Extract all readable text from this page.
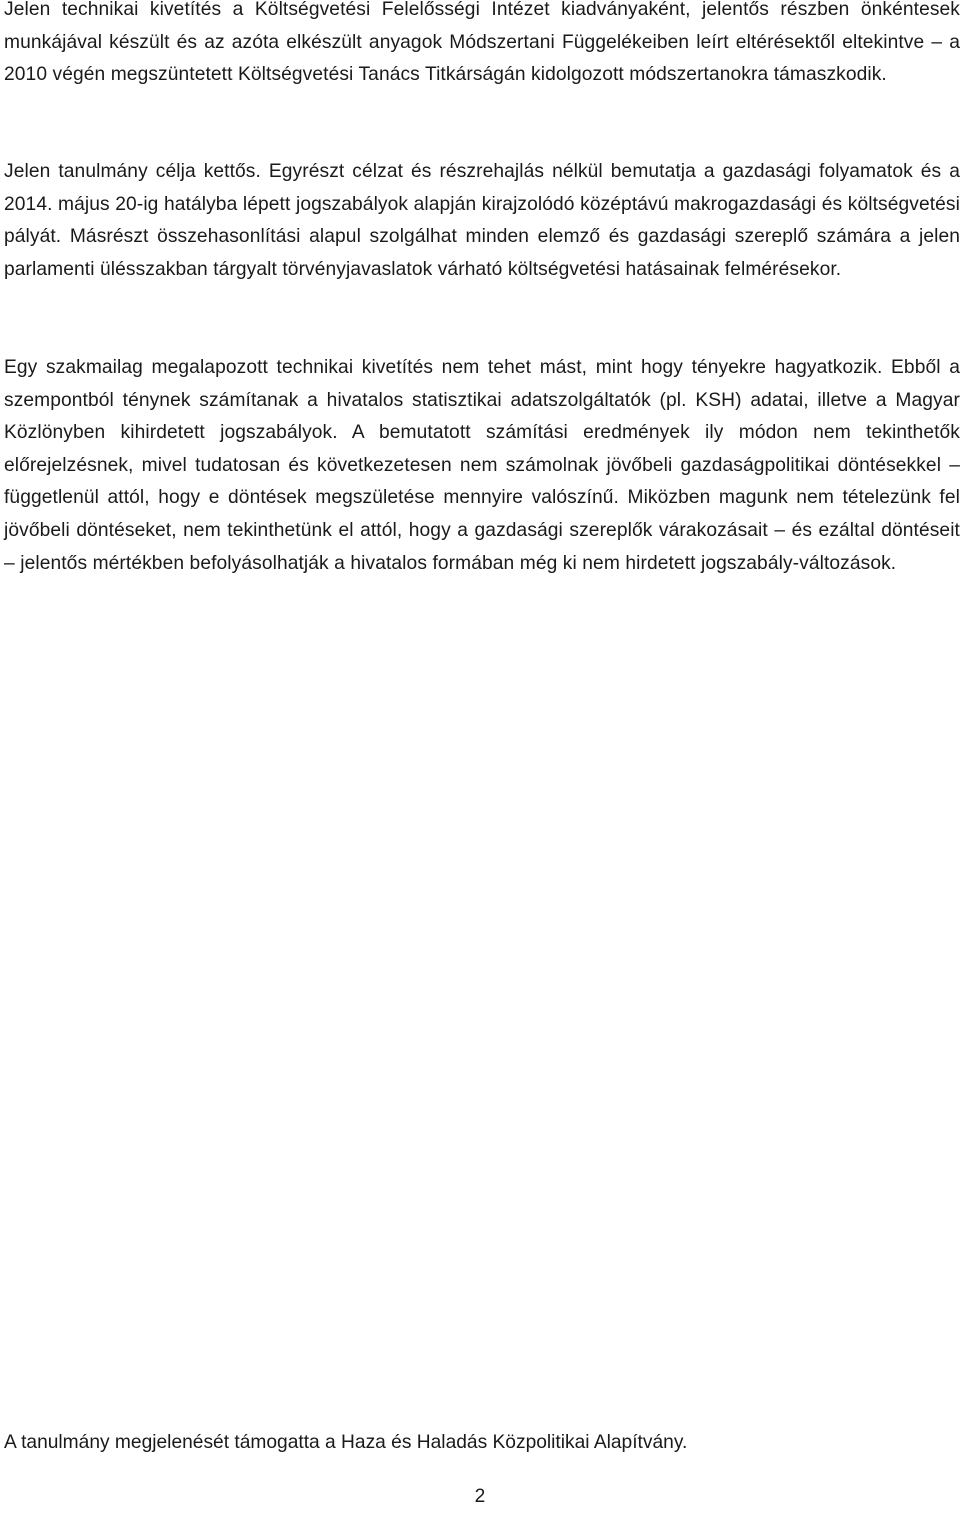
Jelen technikai kivetítés a Költségvetési Felelősségi Intézet kiadványaként, jelentős részben önkéntesek munkájával készült és az azóta elkészült anyagok Módszertani Függelékeiben leírt eltérésektől eltekintve – a 2010 végén megszüntetett Költségvetési Tanács Titkárságán kidolgozott módszertanokra támaszkodik.

Jelen tanulmány célja kettős. Egyrészt célzat és részrehajlás nélkül bemutatja a gazdasági folyamatok és a 2014. május 20-ig hatályba lépett jogszabályok alapján kirajzolódó középtávú makrogazdasági és költségvetési pályát. Másrészt összehasonlítási alapul szolgálhat minden elemző és gazdasági szereplő számára a jelen parlamenti ülésszakban tárgyalt törvényjavaslatok várható költségvetési hatásainak felmérésekor.

Egy szakmailag megalapozott technikai kivetítés nem tehet mást, mint hogy tényekre hagyatkozik. Ebből a szempontból ténynek számítanak a hivatalos statisztikai adatszolgáltatók (pl. KSH) adatai, illetve a Magyar Közlönyben kihirdetett jogszabályok. A bemutatott számítási eredmények ily módon nem tekinthetők előrejelzésnek, mivel tudatosan és következetesen nem számolnak jövőbeli gazdaságpolitikai döntésekkel – függetlenül attól, hogy e döntések megszületése mennyire valószínű. Miközben magunk nem tételezünk fel jövőbeli döntéseket, nem tekinthetünk el attól, hogy a gazdasági szereplők várakozásait – és ezáltal döntéseit – jelentős mértékben befolyásolhatják a hivatalos formában még ki nem hirdetett jogszabály-változások.

A tanulmány megjelenését támogatta a Haza és Haladás Közpolitikai Alapítvány.

2
